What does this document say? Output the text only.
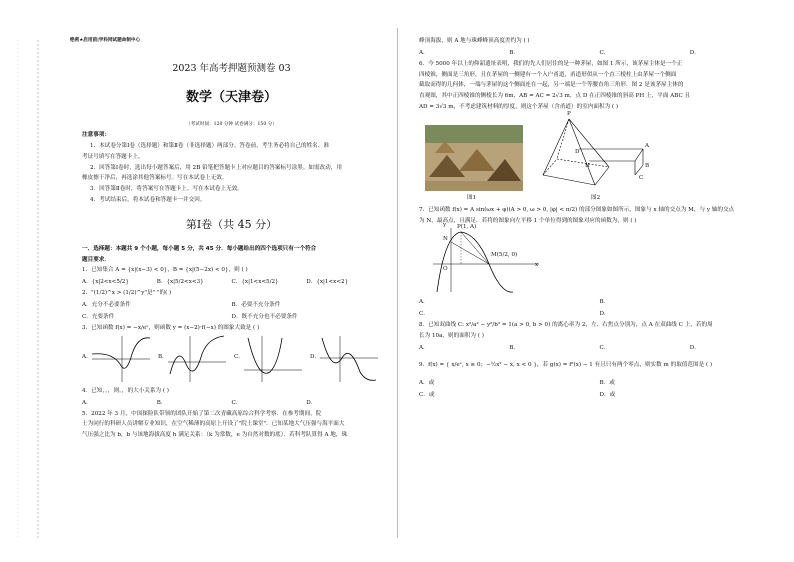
绝密★启用前|学科网试题命制中心

2023 年高考押题预测卷 03

数学（天津卷）

（考试时间：120 分钟 试卷满分：150 分）

注意事项：

1．本试卷分第Ⅰ卷（选择题）和第Ⅱ卷（非选择题）两部分。答卷前，考生务必将自己的姓名、准

考证号填写在答题卡上。

2．回答第Ⅰ卷时，选出每小题答案后，用 2B 铅笔把答题卡上对应题目的答案标号涂黑。如需改动，用

橡皮擦干净后，再选涂其他答案标号。写在本试卷上无效。

3．回答第Ⅱ卷时，将答案写在答题卡上。写在本试卷上无效。

4．考试结束后，将本试卷和答题卡一并交回。

第Ⅰ卷（共 45 分）

一、选择题：本题共 9 个小题，每小题 5 分，共 45 分．每小题给出的四个选项只有一个符合

题目要求．

1．已知集合 A = {x|(x−3) < 0}，B = {x|(5−2x) < 0}，则 ( )

A．{x|2<x<5/2}	B．{x|5/2<x<3}	C．{x|1<x<5/2}	D．{x|1<x<2}

2．"(1/2)^x > (1/2)^y"是" "的( )

A．充分不必要条件	B．必要不充分条件
C．充要条件	D．既不充分也不必要条件

3．已知函数 f(x) = −x/eˣ，则函数 y = (x−2)·f(−x) 的图象大致是 ( )

A．	B．	C．	D．

4．已知，，，则，，的大小关系为 ( )

A．	B．	C．	D．

5．2022 年 3 月，中国探险队带领的团队开始了第二次青藏高原综合科学考察．在参考期间，院

士为同行的科研人员讲解专业知识，在空气稀薄的高原上开设了"院士课堂"．已知某地大气压强与海平面大

气压强之比为 b，b 与该地海拔高度 h 满足关系：（k 为常数，e 为自然对数的底）．若科考队算得 A 地，珠

峰顶海拔，则 A 地与珠峰峰顶高度差约为 ( )

A．	B．	C．	D．

6．今 5000 年以上的仰韶遗址表明，我们的先人们居住的是一种茅屋，如图 1 所示，该茅屋主体是一个正

四棱锥，侧面是三角形，且在茅屋的一侧建有一个入户甬道，甬道形似从一个直三棱柱上由茅屋一个侧面

截取而得的几何体，一端与茅屋的这个侧面连在一起，另一端是一个等腰直角三角形．图 2 是该茅屋主体的

直观图，其中正四棱锥的侧棱长为 6m，AB = AC = 2√3 m，点 D 在正四棱锥的斜高 PH 上，平面 ABC 且

AD = 3√3 m，不考虑建筑材料的厚度，则这个茅屋（含甬道）的室内面积为 ( )

图1
P
D
H
A
B
C
图2

7．已知函数 f(x) = A sin(ωx + φ)(A > 0, ω > 0, |φ| < π/2) 的部分图象如图所示，图象与 x 轴的交点为 M，与 y 轴的交点

为 N，最高点，且满足．若将的图象向左平移 1 个单位得到的图象对应的函数为，则 ( )

P(1, A)
M(5/2, 0)
N
O
x
y
A．	B．
C．	D．

8．已知双曲线 C: x²/a² − y²/b² = 1(a > 0, b > 0) 的离心率为 2，左、右焦点分别为，点 A 在双曲线 C 上，若的周

长为 10a，则的面积为 ( )

A．	B．	C．	D．

9．f(x) = { x/eˣ, x ≥ 0；−½x² − x, x < 0 }，若 g(x) = f²(x) − 1 有且只有两个零点，则实数 m 的取值范围是 ( )

A．或	B．或
C．或	D．或
